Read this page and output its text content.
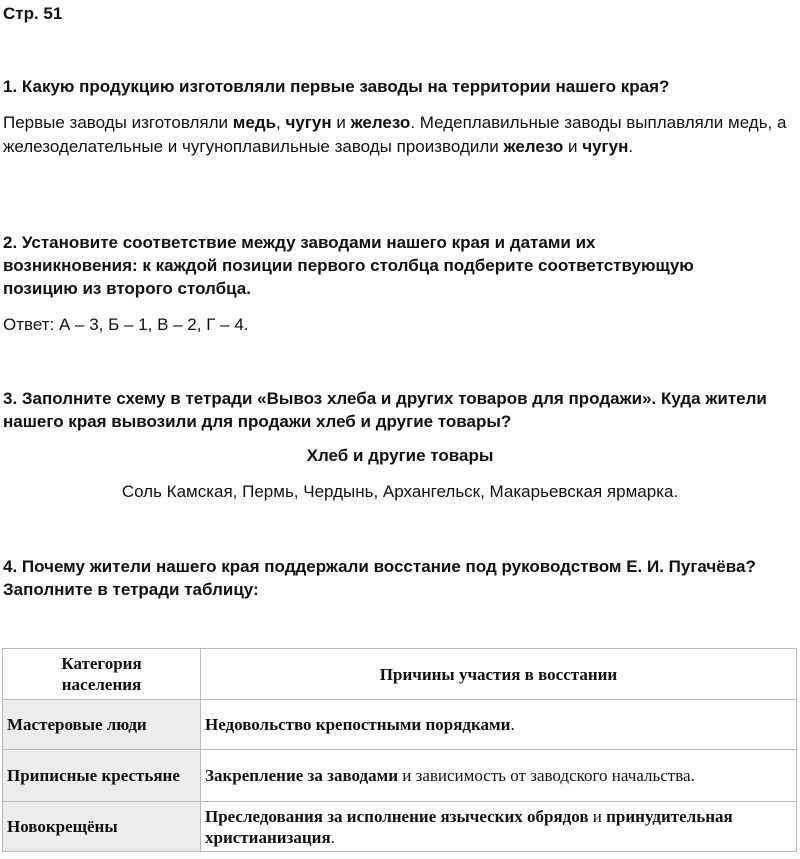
Стр. 51
1. Какую продукцию изготовляли первые заводы на территории нашего края?
Первые заводы изготовляли медь, чугун и железо. Медеплавильные заводы выплавляли медь, а железоделательные и чугуноплавильные заводы производили железо и чугун.
2. Установите соответствие между заводами нашего края и датами их возникновения: к каждой позиции первого столбца подберите соответствующую позицию из второго столбца.
Ответ: А – 3, Б – 1, В – 2, Г – 4.
3. Заполните схему в тетради «Вывоз хлеба и других товаров для продажи». Куда жители нашего края вывозили для продажи хлеб и другие товары?
Хлеб и другие товары
Соль Камская, Пермь, Чердынь, Архангельск, Макарьевская ярмарка.
4. Почему жители нашего края поддержали восстание под руководством Е. И. Пугачёва? Заполните в тетради таблицу:
Категория населения	Причины участия в восстании
Мастеровые люди	Недовольство крепостными порядками.
Приписные крестьяне	Закрепление за заводами и зависимость от заводского начальства.
Новокрещёны	Преследования за исполнение языческих обрядов и принудительная христианизация.
